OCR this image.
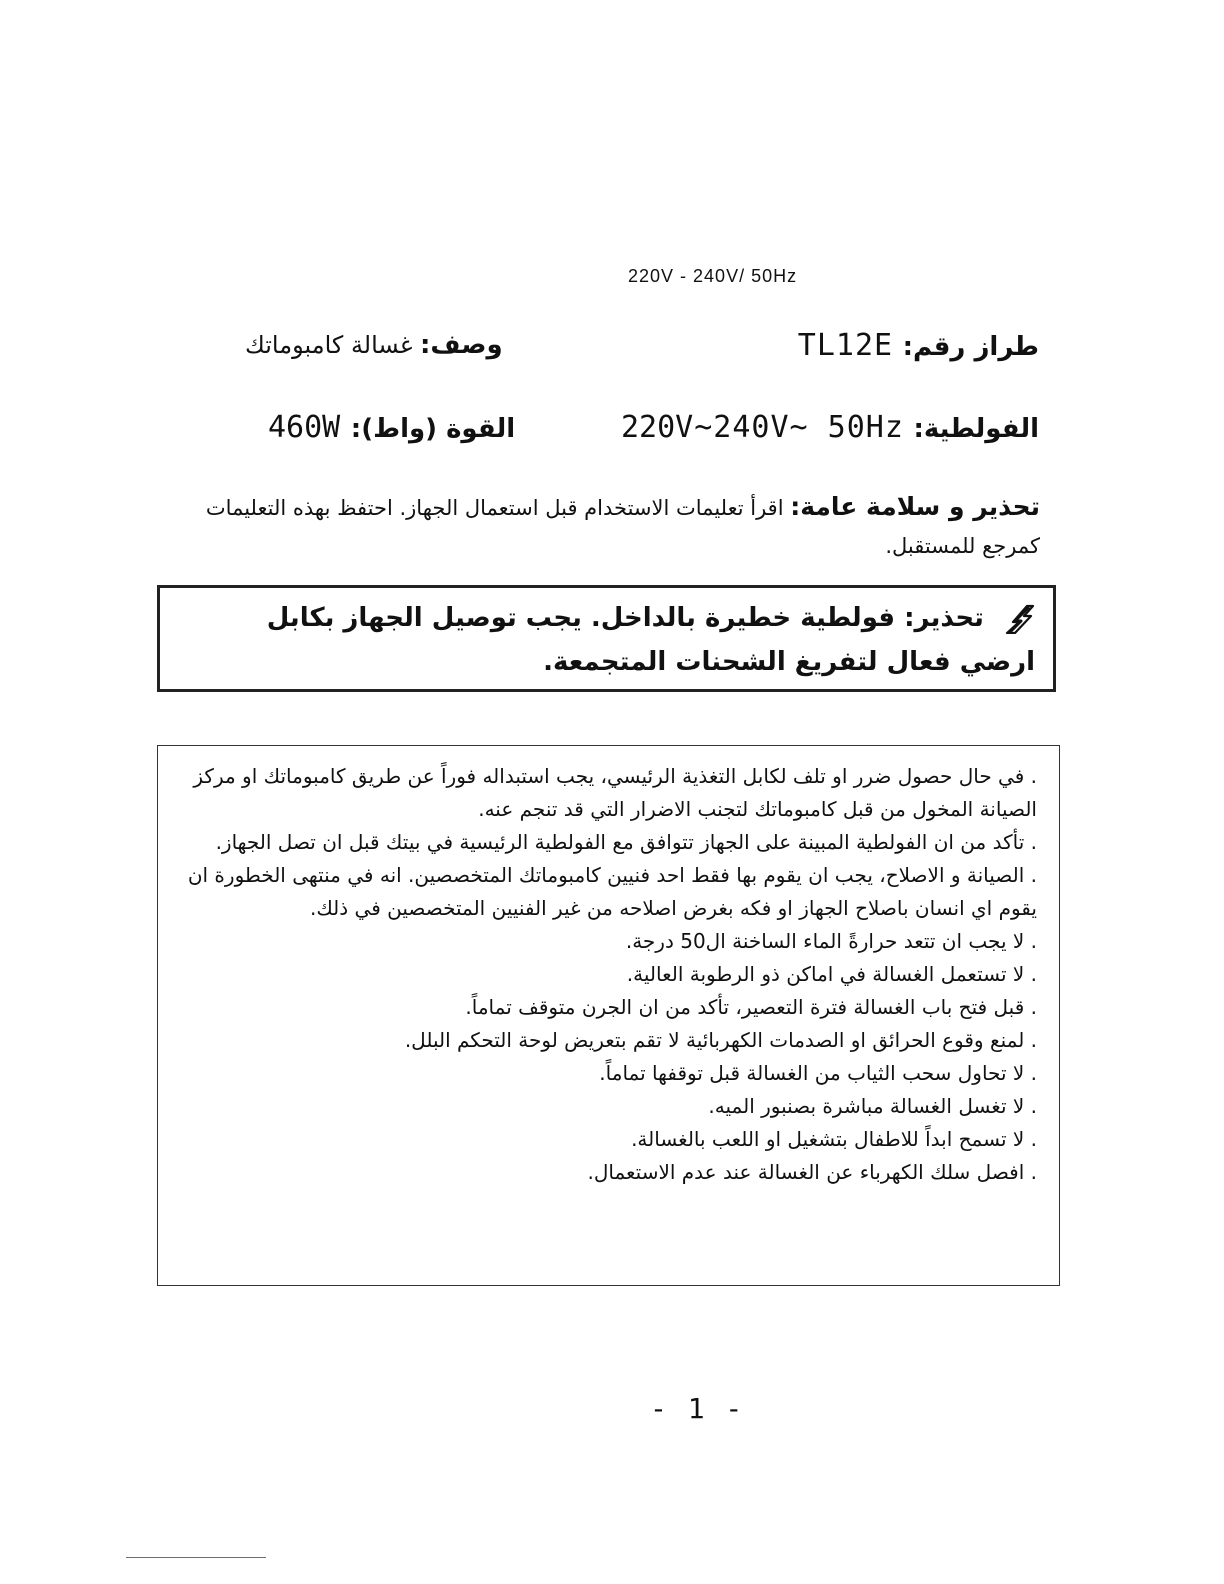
220V - 240V/ 50Hz
طراز رقم: TL12E
وصف: غسالة كامبوماتك
الفولطية: 220V~240V~ 50Hz
القوة (واط): 460W
تحذير و سلامة عامة: اقرأ تعليمات الاستخدام قبل استعمال الجهاز. احتفظ بهذه التعليمات كمرجع للمستقبل.
تحذير: فولطية خطيرة بالداخل. يجب توصيل الجهاز بكابل ارضي فعال لتفريغ الشحنات المتجمعة.
. في حال حصول ضرر او تلف لكابل التغذية الرئيسي، يجب استبداله فوراً عن طريق كامبوماتك او مركز الصيانة المخول من قبل كامبوماتك لتجنب الاضرار التي قد تنجم عنه.
. تأكد من ان الفولطية المبينة على الجهاز تتوافق مع الفولطية الرئيسية في بيتك قبل ان تصل الجهاز.
. الصيانة و الاصلاح، يجب ان يقوم بها فقط احد فنيين كامبوماتك المتخصصين. انه في منتهى الخطورة ان يقوم اي انسان باصلاح الجهاز او فكه بغرض اصلاحه من غير الفنيين المتخصصين في ذلك.
. لا يجب ان تتعد حرارةً الماء الساخنة ال50 درجة.
. لا تستعمل الغسالة في اماكن ذو الرطوبة العالية.
. قبل فتح باب الغسالة فترة التعصير، تأكد من ان الجرن متوقف تماماً.
. لمنع وقوع الحرائق او الصدمات الكهربائية لا تقم بتعريض لوحة التحكم البلل.
. لا تحاول سحب الثياب من الغسالة قبل توقفها تماماً.
. لا تغسل الغسالة مباشرة بصنبور الميه.
. لا تسمح ابداً للاطفال بتشغيل او اللعب بالغسالة.
. افصل سلك الكهرباء عن الغسالة عند عدم الاستعمال.
- 1 -
